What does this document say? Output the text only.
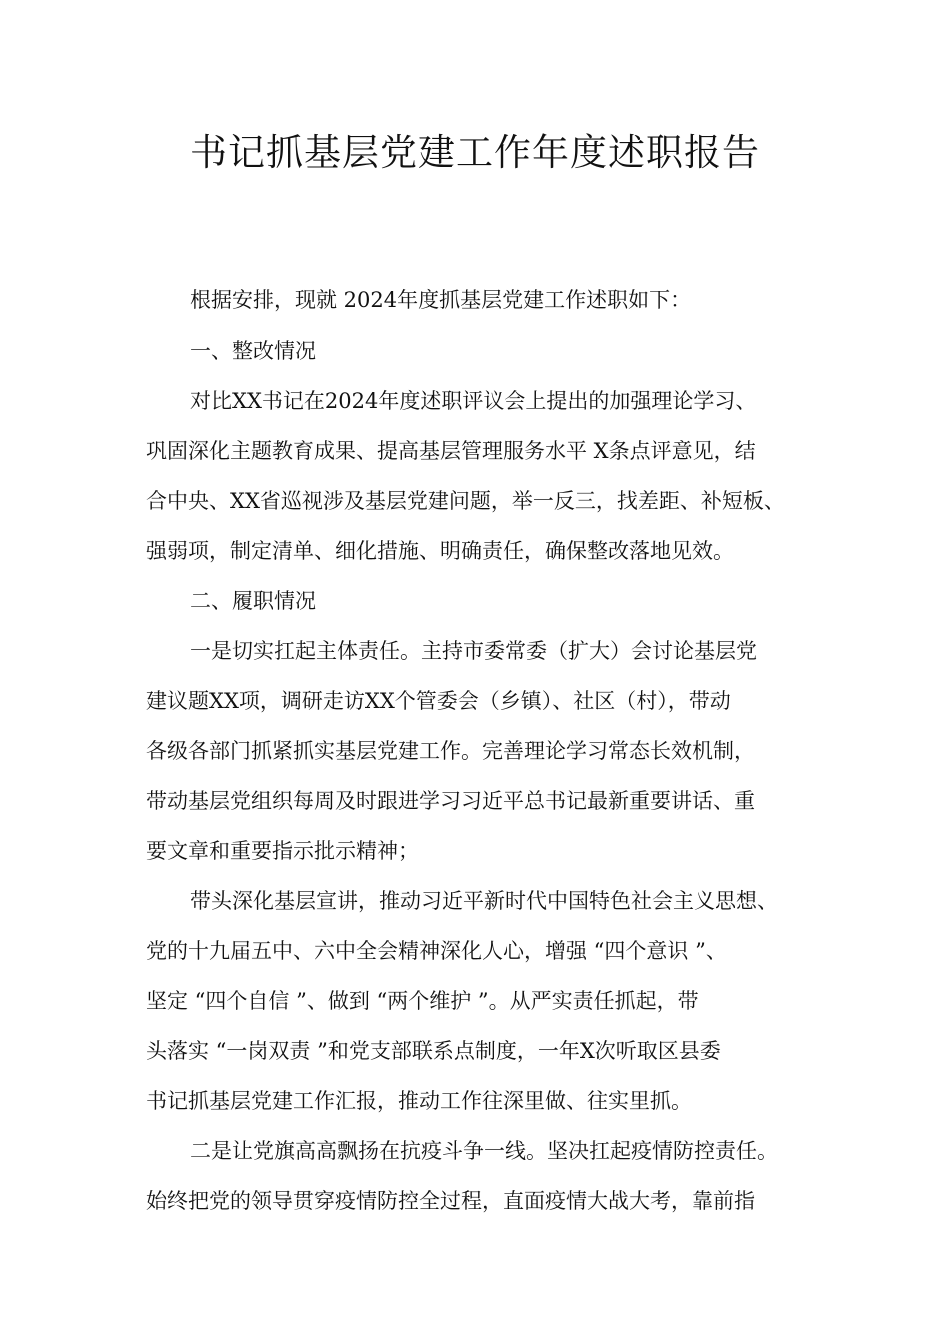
书记抓基层党建工作年度述职报告

根据安排，现就 2024年度抓基层党建工作述职如下：

一、整改情况

对比XX书记在2024年度述职评议会上提出的加强理论学习、

巩固深化主题教育成果、提高基层管理服务水平 X条点评意见，结

合中央、XX省巡视涉及基层党建问题，举一反三，找差距、补短板、

强弱项，制定清单、细化措施、明确责任，确保整改落地见效。

二、履职情况

一是切实扛起主体责任。主持市委常委（扩大）会讨论基层党

建议题XX项，调研走访XX个管委会（乡镇）、社区（村），带动

各级各部门抓紧抓实基层党建工作。完善理论学习常态长效机制，

带动基层党组织每周及时跟进学习习近平总书记最新重要讲话、重

要文章和重要指示批示精神；

带头深化基层宣讲，推动习近平新时代中国特色社会主义思想、

党的十九届五中、六中全会精神深化人心，增强 “四个意识 ”、

坚定 “四个自信 ”、做到 “两个维护 ”。从严实责任抓起，带

头落实 “一岗双责 ”和党支部联系点制度，一年X次听取区县委

书记抓基层党建工作汇报，推动工作往深里做、往实里抓。

二是让党旗高高飘扬在抗疫斗争一线。坚决扛起疫情防控责任。

始终把党的领导贯穿疫情防控全过程，直面疫情大战大考，靠前指
